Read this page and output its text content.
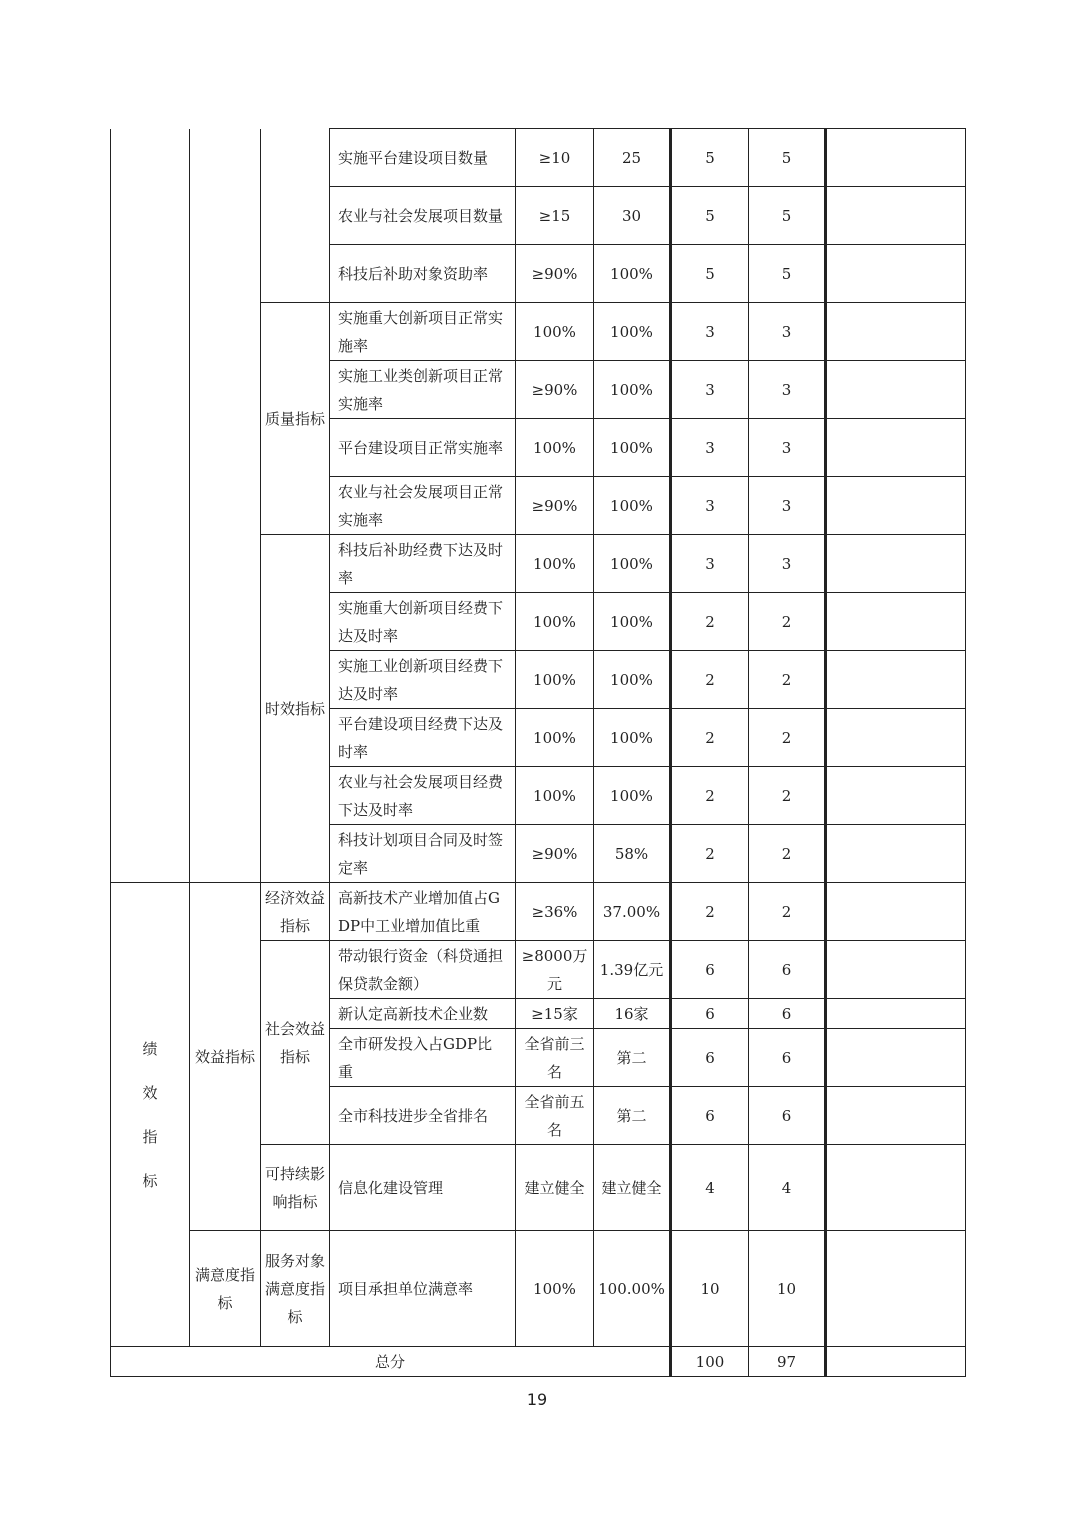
			实施平台建设项目数量	≥10	25	5	5	
			农业与社会发展项目数量	≥15	30	5	5	
			科技后补助对象资助率	≥90%	100%	5	5	
		质量指标	实施重大创新项目正常实施率	100%	100%	3	3	
			实施工业类创新项目正常实施率	≥90%	100%	3	3	
			平台建设项目正常实施率	100%	100%	3	3	
			农业与社会发展项目正常实施率	≥90%	100%	3	3	
		时效指标	科技后补助经费下达及时率	100%	100%	3	3	
			实施重大创新项目经费下达及时率	100%	100%	2	2	
			实施工业创新项目经费下达及时率	100%	100%	2	2	
			平台建设项目经费下达及时率	100%	100%	2	2	
			农业与社会发展项目经费下达及时率	100%	100%	2	2	
			科技计划项目合同及时签定率	≥90%	58%	2	2	
绩效指标	效益指标	经济效益指标	高新技术产业增加值占GDP中工业增加值比重	≥36%	37.00%	2	2	
		社会效益指标	带动银行资金（科贷通担保贷款金额）	≥8000万元	1.39亿元	6	6	
			新认定高新技术企业数	≥15家	16家	6	6	
			全市研发投入占GDP比重	全省前三名	第二	6	6	
			全市科技进步全省排名	全省前五名	第二	6	6	
		可持续影响指标	信息化建设管理	建立健全	建立健全	4	4	
	满意度指标	服务对象满意度指标	项目承担单位满意率	100%	100.00%	10	10	
总分						100	97	
19
